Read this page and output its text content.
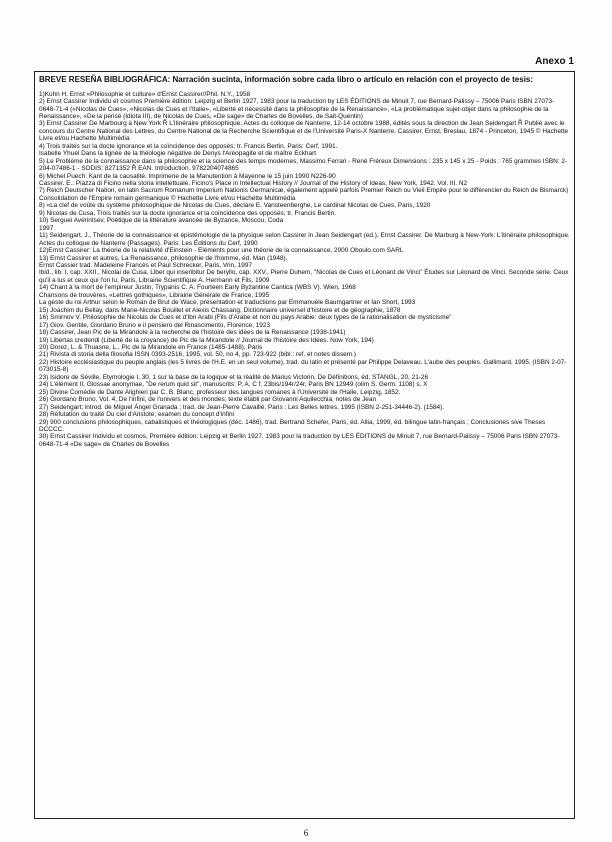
Anexo 1
BREVE RESEÑA BIBLIOGRÁFICA: Narración sucinta, información sobre cada libro o artículo en relación con el proyecto de tesis:
1)Kuhn H. Ernst «Philosophie et culture» d'Ernst Cassirer//Phil. N.Y., 1958
2) Ernst Cassirer Individu et cosmos Première édition: Leipzig et Berlin 1927, 1983 pour la traduction by LES ÉDITIONS de Minuit 7, rue Bernard-Palissy – 75006 Paris ISBN 27073-0648-71-4 («Nicolas de Cues», «Nicolas de Cues et l'Italie», «Liberté et nécessité dans la philosophie de la Renaissance», «La problématique sujet-objet dans la philosophie de la Renaissance», «De la pensé (Idiota III), de Nicolas de Cues, «De sage» de Charles de Bovelles, de Sait-Quentin)
3) Ernst Cassirer De Marbourg à New York Ř L'itinéraire philosophique, Actes du colloque de Nanterre, 12-14 octobre 1988, édités sous la direction de Jean Seidengart Ř Publié avec le concours du Centre National des Lettres, du Centre National de la Recherche Scientifique et de l'Université Paris-X Nanterre, Cassirer, Ernst, Breslau, 1874 - Princeton, 1945 © Hachette Livre et/ou Hachette Multimédia
4) Trois traités sur la docte ignorance et la coïncidence des opposés; tr. Francis Bertin. Paris: Cerf, 1991.
Isabelle Yhuel Dans la lignée de la théologie négative de Denys l'Aréopagite et de maître Eckhart
5) Le Problème de la connaissance dans la philosophie et la science des temps modernes, Massimo Ferrari - René Fréreux Dimensions : 235 x 145 x 25 - Poids : 765 grammes ISBN: 2-204-07486-1 - SODIS: 8271352 Ř EAN. Introduction. 9782204074865
6) Michel Puech: Kant de la causalité. Imprimerie de la Manutention à Mayenne le 15 juin 1990 N226-90
Cassirer. E.: Piazza di Ficino nella storia intellettuale. Ficino's Place in Intellectual History // Journal of the History of Ideas, New York, 1942. Vol. III. N2
7) Reich Deutscher Nation, en latin Sacrum Romanum Imperium Nationis Germanicæ, également appelé parfois Premier Reich ou Vieil Empire pour le différencier du Reich de Bismarck) Consolidation de l'Empire romain germanique © Hachette Livre et/ou Hachette Multimédia
8) «La clef de voûte du système philosophique de Nicolas de Cues, déclare E. Vansteenberghe, Le cardinal Nicolas de Cues, Paris, 1920
9) Nicolas de Cusa, Trois traités sur la docte ignorance et la coïncidence des opposés; tr. Francis Bertin.
10) Serguei Avérintsev, Poétique de la littérature avancée de Byzance, Moscou, Coda
1997
11) Seidengart, J., Théorie de la connaissance et épistémologie de la physique selon Cassirer in Jean Seidengart (ed.), Ernst Cassirer. De Marburg à New-York: L'itinéraire philosophique. Actes du colloque de Nanterre (Passages). Paris: Les Éditions du Cerf, 1990
12)Ernst Cassirer: La théorie de la relativité d'Einstein - Eléments pour une théorie de la connaissance, 2000 Oboulo.com SARL
13) Ernst Cassirer et autres, La Renaissance, philosophie de l'homme, éd. Man (1948).
Ernst Cassier trad. Madeleine Francès et Paul Schrecker, Paris, Vrin, 1997
Ibid., lib. I, cap. XXII., Nicolai de Cusa, Liber qui inseribitur De beryllo, cap. XXV., Pierre Duhem, "Nicolas de Cues et Léonard de Vinci" Études sur Léonard de Vinci. Seconde série. Ceux qu'il a lus et ceux qui l'on lu, Paris, Librairie Scientifique A. Hermann et Fils, 1909
14) Chant à la mort de l'empireur Justin, Trypanis C. A. Fourteen Early Byzantine Cantica (WBS V). Wien, 1968
Chansons de trouvères, «Lettres gothiques», Librairie Générale de France, 1995
La geste du roi Arthur selon le Roman de Brut de Wace, présentation et traductions par Emmanuèle Baumgartner et Ian Short, 1993
15) Joachim du Bellay, dans Marie-Nicolas Bouillet et Alexis Chassang, Dictionnaire universel d'histoire et de géographie, 1878
16) Smirnov V. Philosophie de Nicolas de Cues et d'Ibn Arabi (Fils d'Arabe et non du pays Arabie: deux types de la rationalisation de mysticisme"
17) Giov. Gentile, Giordano Bruno e il pensiero del Rinascimento, Florence, 1923
18) Cassirer, Jean Pic de la Mirandole à la recherche de l'histoire des idées de la Renaissance (1938-1941)
19) Libertas credendi (Liberté de la croyance) de Pic de la Mirandole // Journal de l'histoire des Idées. Now York, 194)
20) Dorez, L. & Thuasne, L., Pic de la Mirandole en France (1485-1488), Paris
21) Rivista di storia della filosofia ISSN 0393-2516, 1995, vol. 50, no 4, pp. 723-922 (bibl.: ref. et notes dissem.)
22) Histoire ecclésiastique du peuple anglais (les 5 livres de l'H.E. en un seul volume), trad. du latin et présenté par Philippe Delaveau. L'aube des peuples. Gallimard, 1995. (ISBN 2-07-073015-8)
23) Isidore de Séville, Etymologie I, 30, 1 sur la base de la logique et la réalité de Marius Victorin, De Définitions, éd. STANGL, 20, 21-26
24) L'élément II, Glossae anonymae, "De rerum quid sit", manuscrits: P, A, C f. 23bis/194r/24r, Paris BN 12949 (olim S. Germ. 1108) s. X
25) Divine Comédie de Dante Alighieri par C. B. Blanc, professeur des langues romanes à l'Université de l'Halle, Leipzig, 1852.
26) Giordano Bruno, Vol. 4, De l'infini, de l'univers et des mondes; texte établi par Giovanni Aquilecchia; notes de Jean
27) Seidengart; introd. de Miguel Ángel Granada ; trad. de Jean-Pierre Cavaillé. Paris : Les Belles lettres, 1995 (ISBN 2-251-34446-2). (1584).
28) Réfutation du traité Du ciel d'Aristote; examen du concept d'infini
29) 900 conclusions philosophiques, cabalistiques et théologiques (déc. 1486), trad. Bertrand Schefer, Paris, éd. Allia, 1999, éd. bilingue latin-français ; Conclusiones sive Theses DCCCC.
30) Ernst Cassirer Individu et cosmos, Première édition: Leipzig et Berlin 1927, 1983 pour la traduction by LES ÉDITIONS de Minuit 7, rue Bernard-Palissy – 75006 Paris ISBN 27073-0648-71-4 «De sage» de Charles de Bovelles
6
